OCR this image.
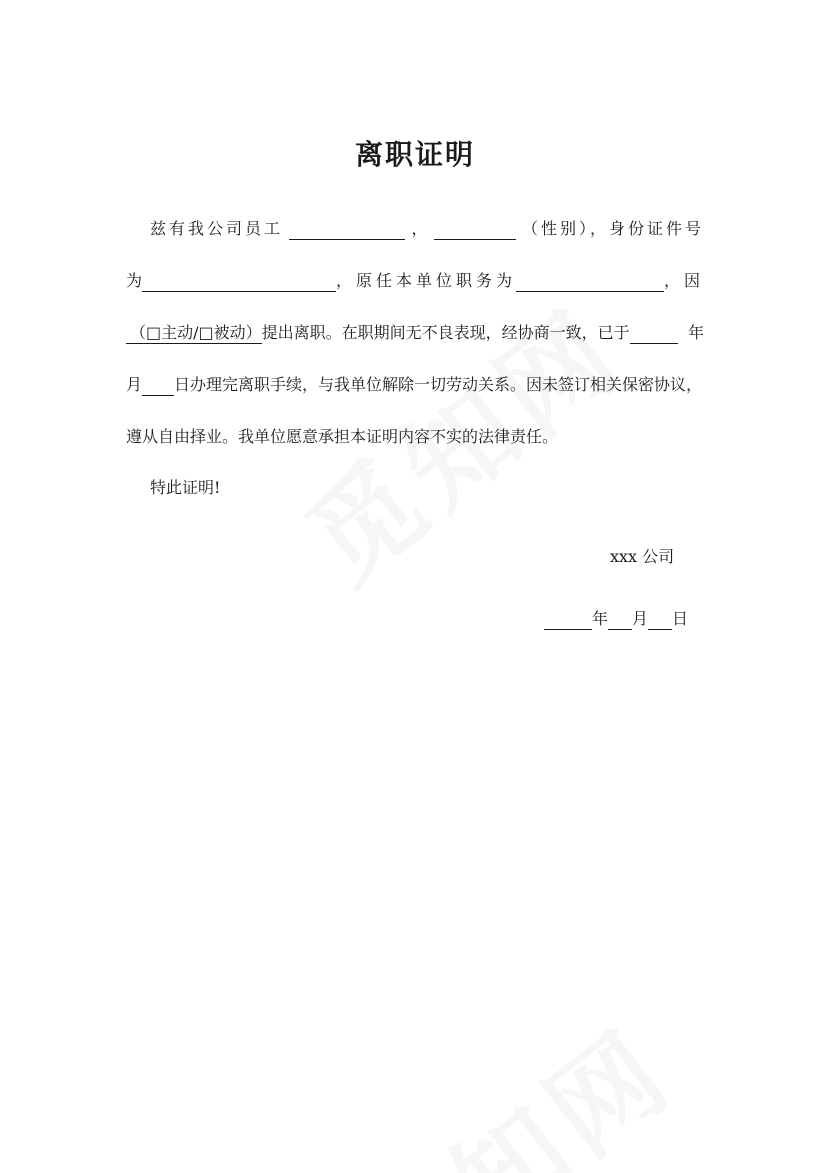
离职证明
兹有我公司员工	，	（性别），身份证件号
为	，原任本单位职务为	，因
（□主动/□被动）提出离职。在职期间无不良表现，经协商一致，已于	年
月 日办理完离职手续，与我单位解除一切劳动关系。因未签订相关保密协议，
遵从自由择业。我单位愿意承担本证明内容不实的法律责任。
特此证明!
xxx 公司
年 月 日
